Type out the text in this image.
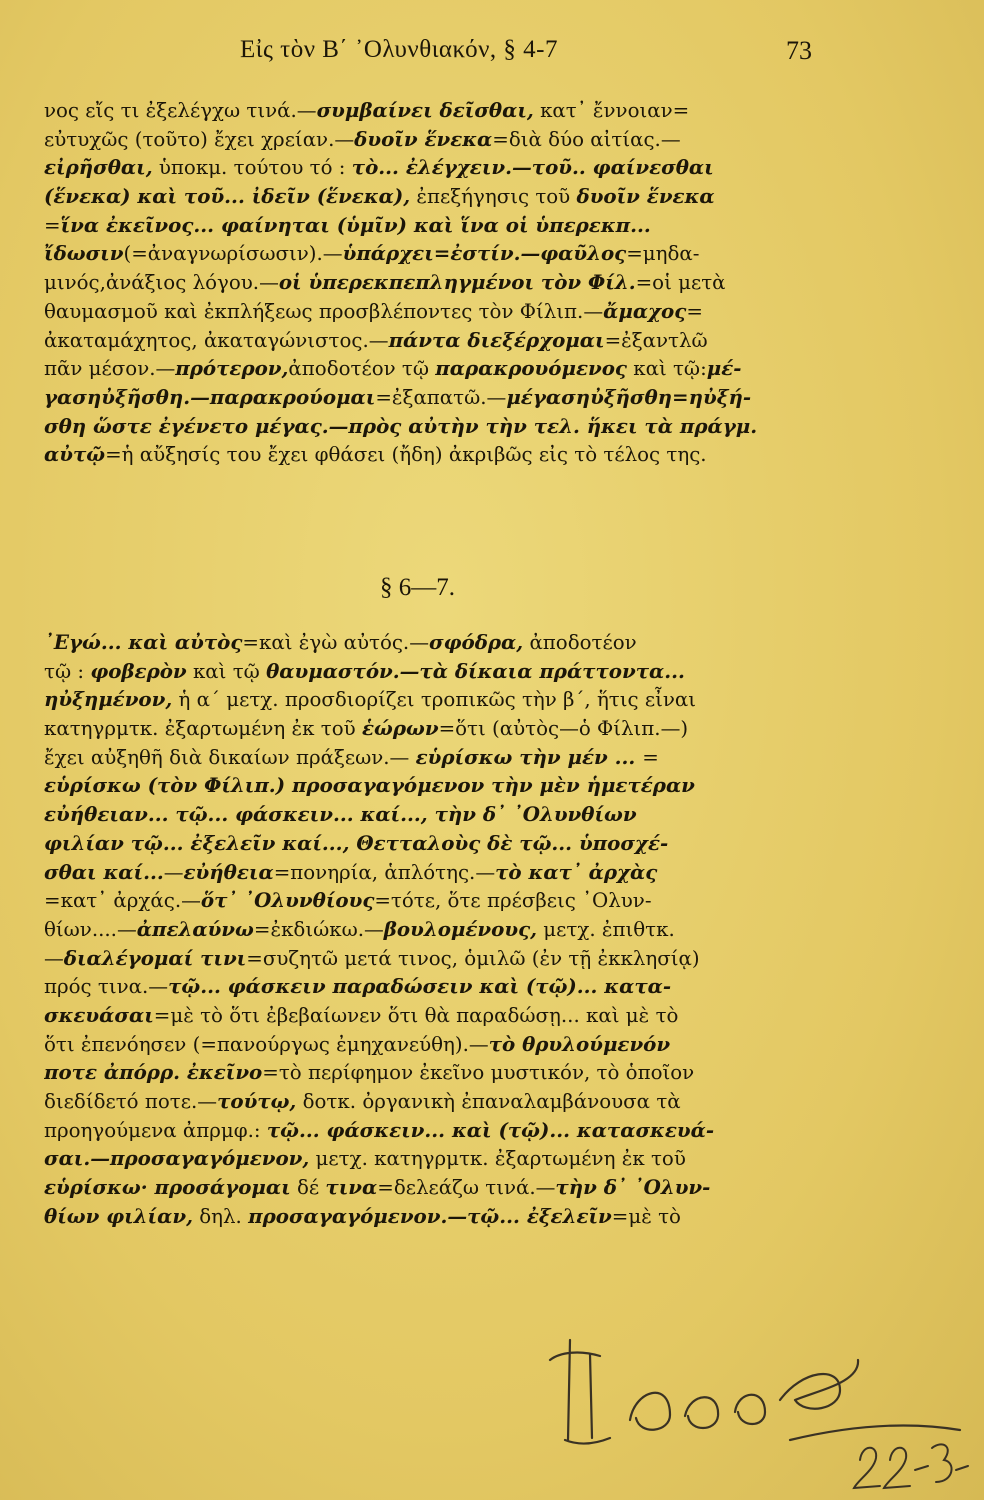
Εἰς τὸν Β΄ ᾿Ολυνθιακόν, § 4-7	73
νος εἴς τι ἐξελέγχω τινά.—συμβαίνει δεῖσθαι, κατ᾽ ἔννοιαν=
εὐτυχῶς (τοῦτο) ἔχει χρείαν.—δυοῖν ἕνεκα=διὰ δύο αἰτίας.—
εἰρῆσθαι, ὑποκμ. τούτου τό : τὸ... ἐλέγχειν.—τοῦ.. φαίνεσθαι
(ἕνεκα) καὶ τοῦ... ἰδεῖν (ἕνεκα), ἐπεξήγησις τοῦ δυοῖν ἕνεκα
=ἵνα ἐκεῖνος... φαίνηται (ὑμῖν) καὶ ἵνα οἱ ὑπερεκπ...
ἴδωσιν(=ἀναγνωρίσωσιν).—ὑπάρχει=ἐστίν.—φαῦλος=μηδα-
μινός,ἀνάξιος λόγου.—οἱ ὑπερεκπεπληγμένοι τὸν Φίλ.=οἱ μετὰ
θαυμασμοῦ καὶ ἐκπλήξεως προσβλέποντες τὸν Φίλιπ.—ἄμαχος=
ἀκαταμάχητος, ἀκαταγώνιστος.—πάντα διεξέρχομαι=ἐξαντλῶ
πᾶν μέσον.—πρότερον,ἀποδοτέον τῷ παρακρουόμενος καὶ τῷ:μέ-
γασηὐξῆσθη.—παρακρούομαι=ἐξαπατῶ.—μέγασηὐξῆσθη=ηὐξή-
σθη ὥστε ἐγένετο μέγας.—πρὸς αὐτὴν τὴν τελ. ἥκει τὰ πράγμ.
αὐτῷ=ἡ αὔξησίς του ἔχει φθάσει (ἤδη) ἀκριβῶς εἰς τὸ τέλος της.
§ 6—7.
᾿Εγώ... καὶ αὐτὸς=καὶ ἐγὼ αὐτός.—σφόδρα, ἀποδοτέον
τῷ : φοβερὸν καὶ τῷ θαυμαστόν.—τὰ δίκαια πράττοντα...
ηὐξημένον, ἡ α΄ μετχ. προσδιορίζει τροπικῶς τὴν β΄, ἥτις εἶναι
κατηγρμτκ. ἐξαρτωμένη ἐκ τοῦ ἑώρων=ὅτι (αὐτὸς—ὁ Φίλιπ.—)
ἔχει αὐξηθῆ διὰ δικαίων πράξεων.— εὑρίσκω τὴν μέν ... =
εὑρίσκω (τὸν Φίλιπ.) προσαγαγόμενον τὴν μὲν ἡμετέραν
εὐήθειαν... τῷ... φάσκειν... καί..., τὴν δ᾽ ᾿Ολυνθίων
φιλίαν τῷ... ἐξελεῖν καί..., Θετταλοὺς δὲ τῷ... ὑποσχέ-
σθαι καί...—εὐήθεια=πονηρία, ἁπλότης.—τὸ κατ᾽ ἀρχὰς
=κατ᾽ ἀρχάς.—ὅτ᾽ ᾿Ολυνθίους=τότε, ὅτε πρέσβεις ᾿Ολυν-
θίων....—ἀπελαύνω=ἐκδιώκω.—βουλομένους, μετχ. ἐπιθτκ.
—διαλέγομαί τινι=συζητῶ μετά τινος, ὁμιλῶ (ἐν τῇ ἐκκλησίᾳ)
πρός τινα.—τῷ... φάσκειν παραδώσειν καὶ (τῷ)... κατα-
σκευάσαι=μὲ τὸ ὅτι ἐβεβαίωνεν ὅτι θὰ παραδώσῃ... καὶ μὲ τὸ
ὅτι ἐπενόησεν (=πανούργως ἐμηχανεύθη).—τὸ θρυλούμενόν
ποτε ἀπόρρ. ἐκεῖνο=τὸ περίφημον ἐκεῖνο μυστικόν, τὸ ὁποῖον
διεδίδετό ποτε.—τούτῳ, δοτκ. ὀργανικὴ ἐπαναλαμβάνουσα τὰ
προηγούμενα ἀπρμφ.: τῷ... φάσκειν... καὶ (τῷ)... κατασκευά-
σαι.—προσαγαγόμενον, μετχ. κατηγρμτκ. ἐξαρτωμένη ἐκ τοῦ
εὑρίσκω· προσάγομαι δέ τινα=δελεάζω τινά.—τὴν δ᾽ ᾿Ολυν-
θίων φιλίαν, δηλ. προσαγαγόμενον.—τῷ... ἐξελεῖν=μὲ τὸ
